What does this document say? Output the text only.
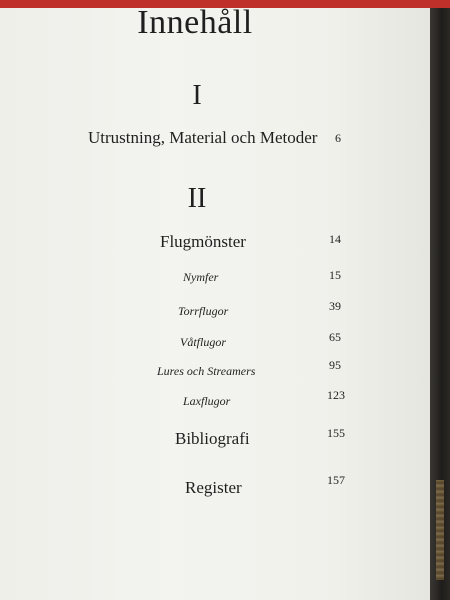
Innehåll
I
Utrustning, Material och Metoder	6
II
Flugmönster	14
Nymfer	15
Torrflugor	39
Våtflugor	65
Lures och Streamers	95
Laxflugor	123
Bibliografi	155
Register	157
